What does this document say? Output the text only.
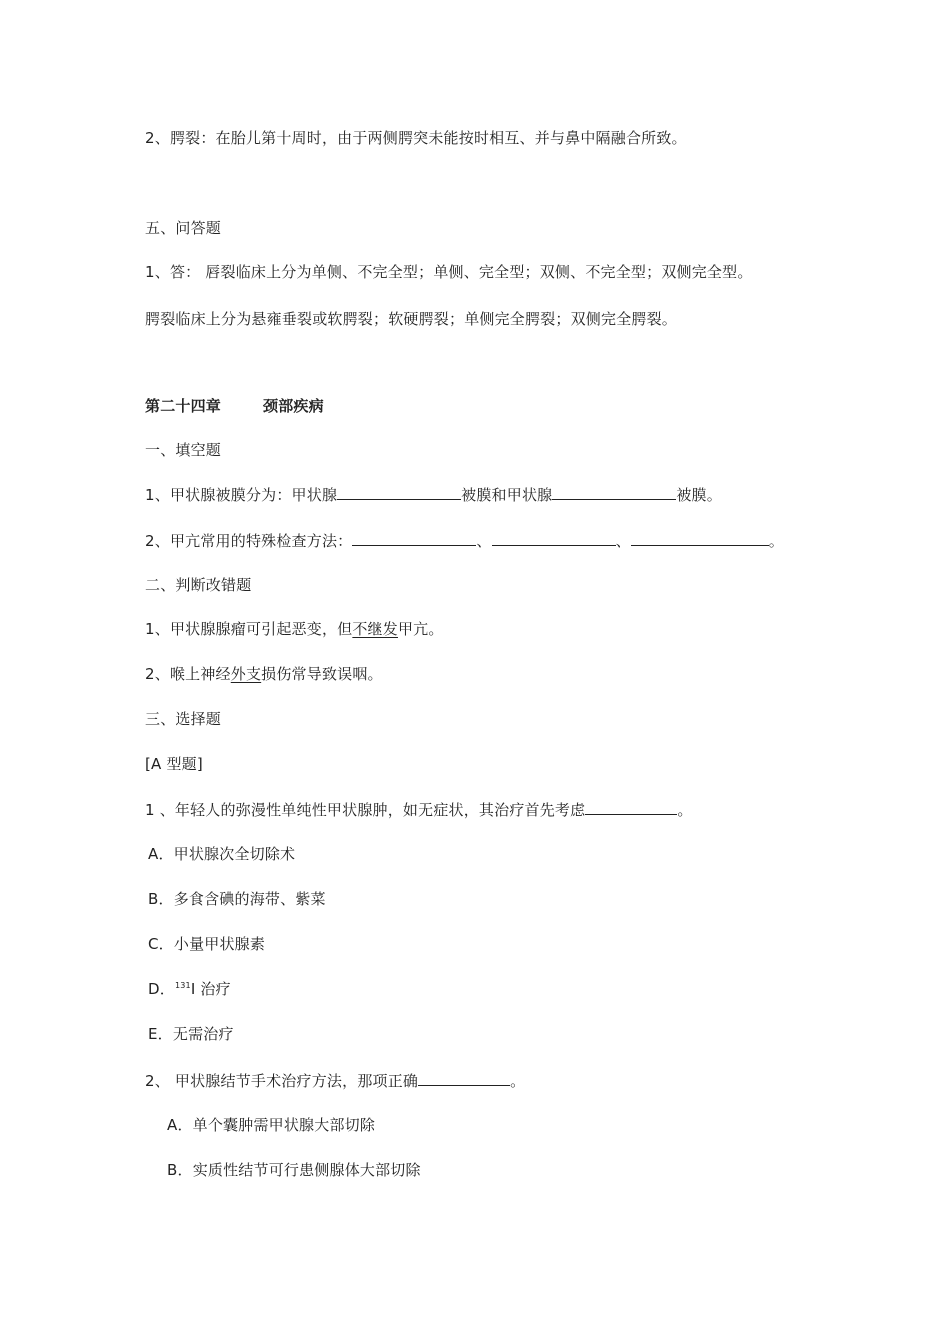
2、腭裂：在胎儿第十周时，由于两侧腭突未能按时相互、并与鼻中隔融合所致。
五、问答题
1、答： 唇裂临床上分为单侧、不完全型；单侧、完全型；双侧、不完全型；双侧完全型。
腭裂临床上分为悬雍垂裂或软腭裂；软硬腭裂；单侧完全腭裂；双侧完全腭裂。
第二十四章	颈部疾病
一、填空题
1、甲状腺被膜分为：甲状腺	被膜和甲状腺	被膜。
2、甲亢常用的特殊检查方法：	、	、	。
二、判断改错题
1、甲状腺腺瘤可引起恶变，但不继发甲亢。
2、喉上神经外支损伤常导致误咽。
三、选择题
[A 型题]
1 、年轻人的弥漫性单纯性甲状腺肿，如无症状，其治疗首先考虑	。
A．甲状腺次全切除术
B．多食含碘的海带、紫菜
C．小量甲状腺素
D．$^{131}$I 治疗
E．无需治疗
2、 甲状腺结节手术治疗方法，那项正确	。
A．单个囊肿需甲状腺大部切除
B．实质性结节可行患侧腺体大部切除
